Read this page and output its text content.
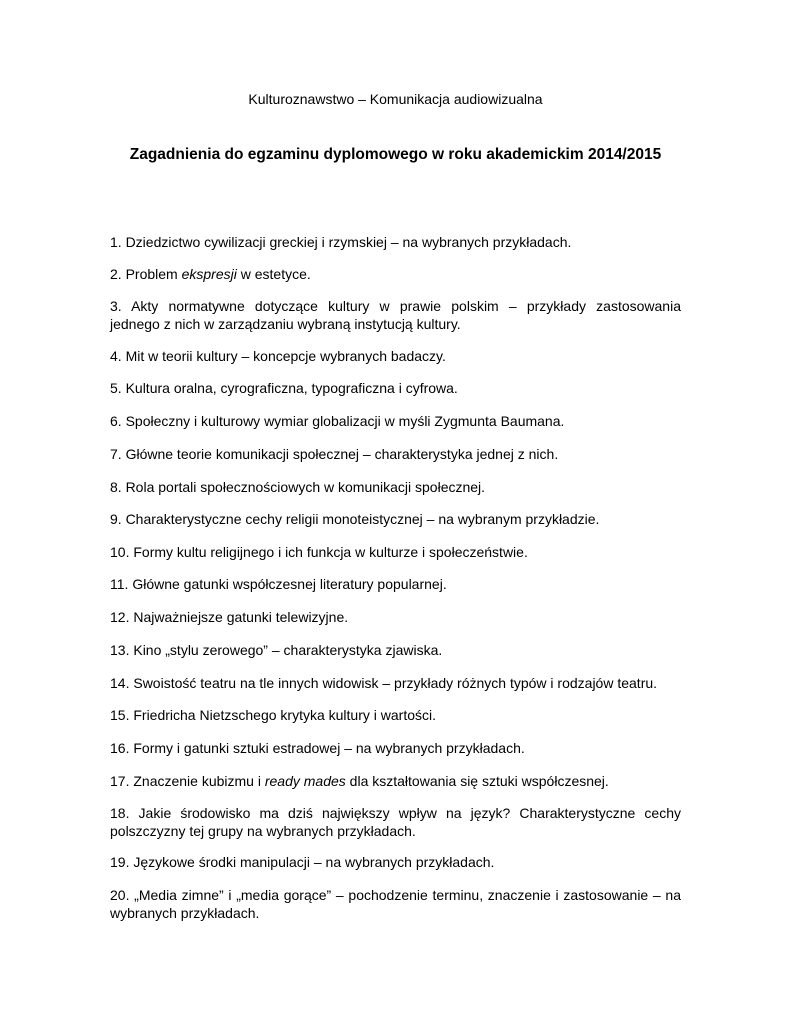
Kulturoznawstwo – Komunikacja audiowizualna
Zagadnienia do egzaminu dyplomowego w roku akademickim 2014/2015
1. Dziedzictwo cywilizacji greckiej i rzymskiej – na wybranych przykładach.
2. Problem ekspresji w estetyce.
3. Akty normatywne dotyczące kultury w prawie polskim – przykłady zastosowania
jednego z nich w zarządzaniu wybraną instytucją kultury.
4. Mit w teorii kultury – koncepcje wybranych badaczy.
5. Kultura oralna, cyrograficzna, typograficzna i cyfrowa.
6. Społeczny i kulturowy wymiar globalizacji w myśli Zygmunta Baumana.
7. Główne teorie komunikacji społecznej – charakterystyka jednej z nich.
8. Rola portali społecznościowych w komunikacji społecznej.
9. Charakterystyczne cechy religii monoteistycznej – na wybranym przykładzie.
10. Formy kultu religijnego i ich funkcja w kulturze i społeczeństwie.
11. Główne gatunki współczesnej literatury popularnej.
12. Najważniejsze gatunki telewizyjne.
13. Kino „stylu zerowego” – charakterystyka zjawiska.
14. Swoistość teatru na tle innych widowisk – przykłady różnych typów i rodzajów teatru.
15. Friedricha Nietzschego krytyka kultury i wartości.
16. Formy i gatunki sztuki estradowej – na wybranych przykładach.
17. Znaczenie kubizmu i ready mades dla kształtowania się sztuki współczesnej.
18. Jakie środowisko ma dziś największy wpływ na język? Charakterystyczne cechy
polszczyzny tej grupy na wybranych przykładach.
19. Językowe środki manipulacji – na wybranych przykładach.
20. „Media zimne” i „media gorące” – pochodzenie terminu, znaczenie i zastosowanie – na
wybranych przykładach.
